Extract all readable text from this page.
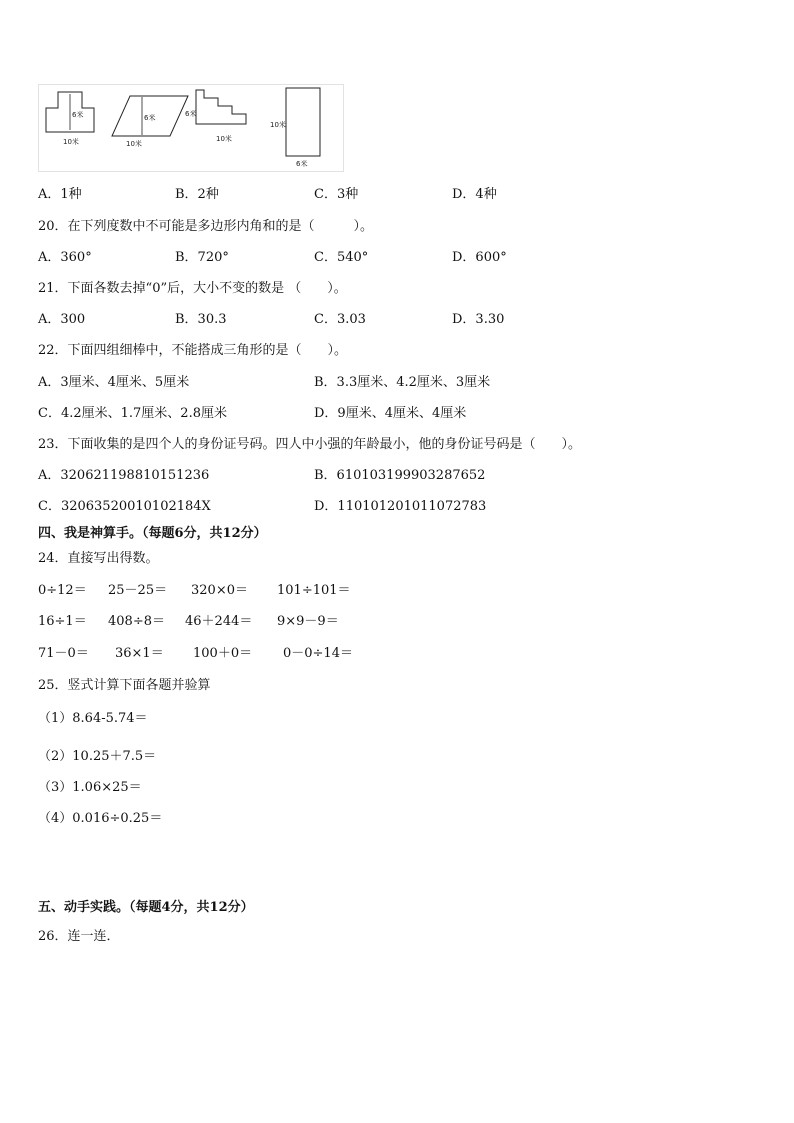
6米
10米
6米
10米
6米
10米
10米
6米
A．1种	B．2种	C．3种	D．4种
20．在下列度数中不可能是多边形内角和的是（　　　）。
A．360°	B．720°	C．540°	D．600°
21．下面各数去掉“0”后，大小不变的数是 （　　）。
A．300	B．30.3	C．3.03	D．3.30
22．下面四组细棒中，不能搭成三角形的是（　　）。
A．3厘米、4厘米、5厘米	B．3.3厘米、4.2厘米、3厘米
C．4.2厘米、1.7厘米、2.8厘米	D．9厘米、4厘米、4厘米
23．下面收集的是四个人的身份证号码。四人中小强的年龄最小，他的身份证号码是（　　）。
A．320621198810151236	B．610103199903287652
C．32063520010102184X	D．110101201011072783
四、我是神算手。（每题6分，共12分）
24．直接写出得数。
0÷12＝ 25－25＝ 320×0＝ 101÷101＝
16÷1＝ 408÷8＝ 46＋244＝ 9×9－9＝
71－0＝ 36×1＝ 100＋0＝ 0－0÷14＝
25．竖式计算下面各题并验算
（1）8.64-5.74＝
（2）10.25＋7.5＝
（3）1.06×25＝
（4）0.016÷0.25＝
五、动手实践。（每题4分，共12分）
26．连一连．
